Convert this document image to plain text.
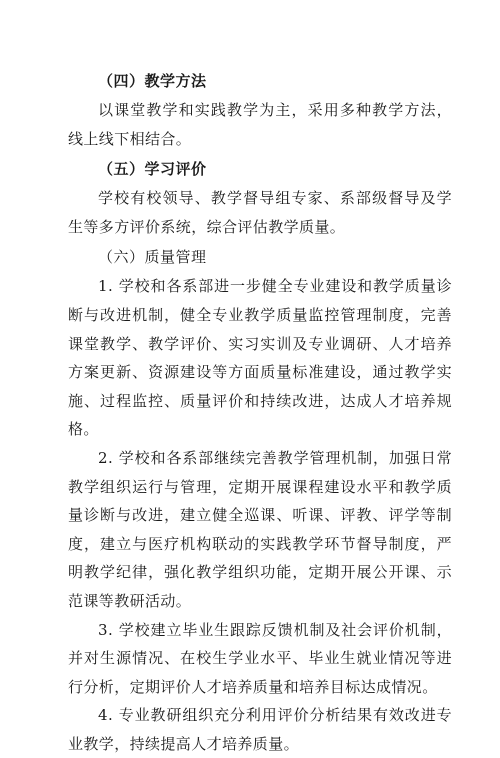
（四）教学方法

以课堂教学和实践教学为主，采用多种教学方法，线上线下相结合。

（五）学习评价

学校有校领导、教学督导组专家、系部级督导及学生等多方评价系统，综合评估教学质量。

（六）质量管理

1. 学校和各系部进一步健全专业建设和教学质量诊断与改进机制，健全专业教学质量监控管理制度，完善课堂教学、教学评价、实习实训及专业调研、人才培养方案更新、资源建设等方面质量标准建设，通过教学实施、过程监控、质量评价和持续改进，达成人才培养规格。

2. 学校和各系部继续完善教学管理机制，加强日常教学组织运行与管理，定期开展课程建设水平和教学质量诊断与改进，建立健全巡课、听课、评教、评学等制度，建立与医疗机构联动的实践教学环节督导制度，严明教学纪律，强化教学组织功能，定期开展公开课、示范课等教研活动。

3. 学校建立毕业生跟踪反馈机制及社会评价机制，并对生源情况、在校生学业水平、毕业生就业情况等进行分析，定期评价人才培养质量和培养目标达成情况。

4. 专业教研组织充分利用评价分析结果有效改进专业教学，持续提高人才培养质量。
